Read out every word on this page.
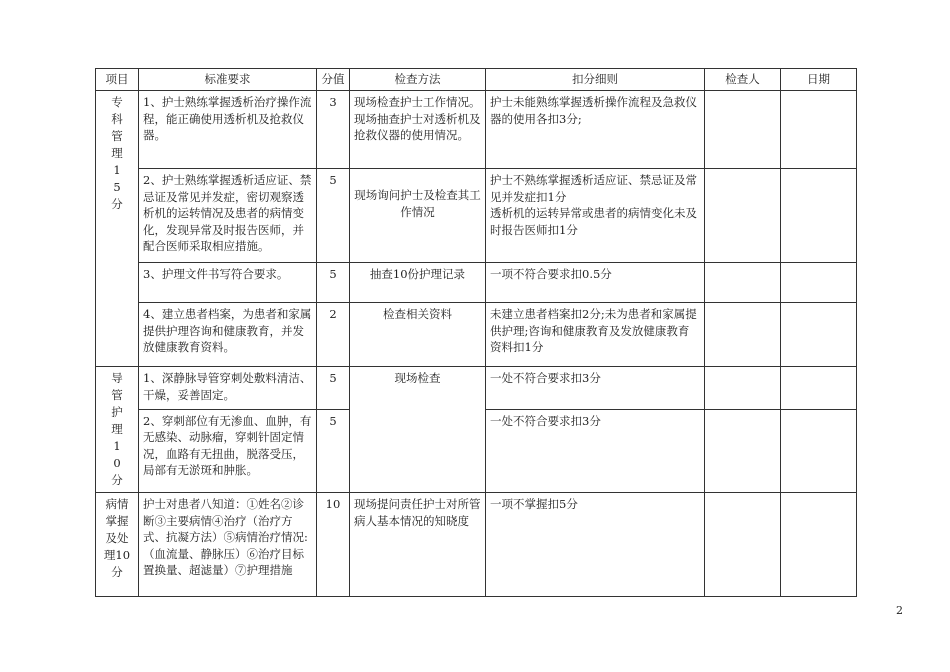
项目	标准要求	分值	检查方法	扣分细则	检查人	日期

专科管理15分	1、护士熟练掌握透析治疗操作流程，能正确使用透析机及抢救仪器。	3	现场检查护士工作情况。现场抽查护士对透析机及抢救仪器的使用情况。	护士未能熟练掌握透析操作流程及急救仪器的使用各扣3分;		
	2、护士熟练掌握透析适应证、禁忌证及常见并发症，密切观察透析机的运转情况及患者的病情变化，发现异常及时报告医师，并配合医师采取相应措施。	5	现场询问护士及检查其工作情况	护士不熟练掌握透析适应证、禁忌证及常见并发症扣1分
透析机的运转异常或患者的病情变化未及时报告医师扣1分		
	3、护理文件书写符合要求。	5	抽查10份护理记录	一项不符合要求扣0.5分		
	4、建立患者档案，为患者和家属提供护理咨询和健康教育，并发放健康教育资料。	2	检查相关资料	未建立患者档案扣2分;未为患者和家属提供护理;咨询和健康教育及发放健康教育资料扣1分		

导管护理10分	1、深静脉导管穿刺处敷料清洁、干燥，妥善固定。	5	现场检查	一处不符合要求扣3分		
	2、穿刺部位有无渗血、血肿，有无感染、动脉瘤，穿刺针固定情况，血路有无扭曲，脱落受压，局部有无淤斑和肿胀。	5		一处不符合要求扣3分		

病情掌握及处理10分	护士对患者八知道：①姓名②诊断③主要病情④治疗（治疗方式、抗凝方法）⑤病情治疗情况:（血流量、静脉压）⑥治疗目标置换量、超滤量）⑦护理措施	10	现场提问责任护士对所管病人基本情况的知晓度	一项不掌握扣5分		
2
